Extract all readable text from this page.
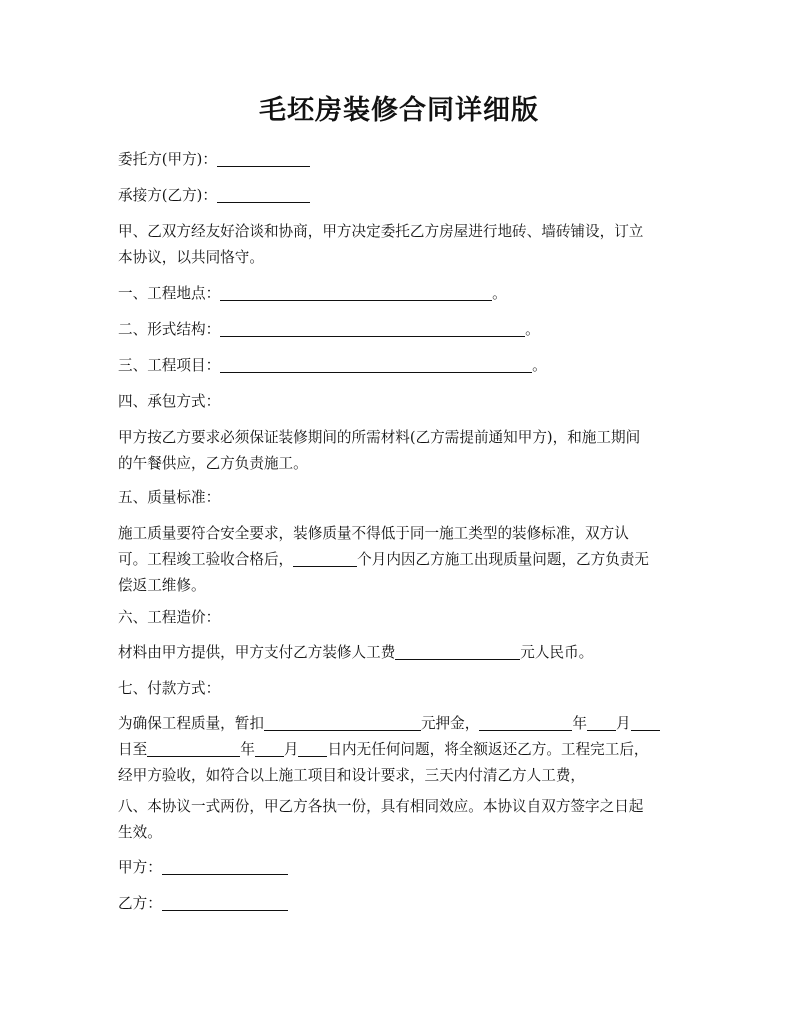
毛坯房装修合同详细版
委托方(甲方)：
承接方(乙方)：
甲、乙双方经友好洽谈和协商，甲方决定委托乙方房屋进行地砖、墙砖铺设，订立
本协议，以共同恪守。
一、工程地点：	。
二、形式结构：	。
三、工程项目：	。
四、承包方式：
甲方按乙方要求必须保证装修期间的所需材料(乙方需提前通知甲方)，和施工期间
的午餐供应，乙方负责施工。
五、质量标准：
施工质量要符合安全要求，装修质量不得低于同一施工类型的装修标准，双方认
可。工程竣工验收合格后，	个月内因乙方施工出现质量问题，乙方负责无
偿返工维修。
六、工程造价：
材料由甲方提供，甲方支付乙方装修人工费	元人民币。
七、付款方式：
为确保工程质量，暂扣	元押金，	年 月
日至	年 月 日内无任何问题，将全额返还乙方。工程完工后，
经甲方验收，如符合以上施工项目和设计要求，三天内付清乙方人工费，
八、本协议一式两份，甲乙方各执一份，具有相同效应。本协议自双方签字之日起
生效。
甲方：
乙方：
